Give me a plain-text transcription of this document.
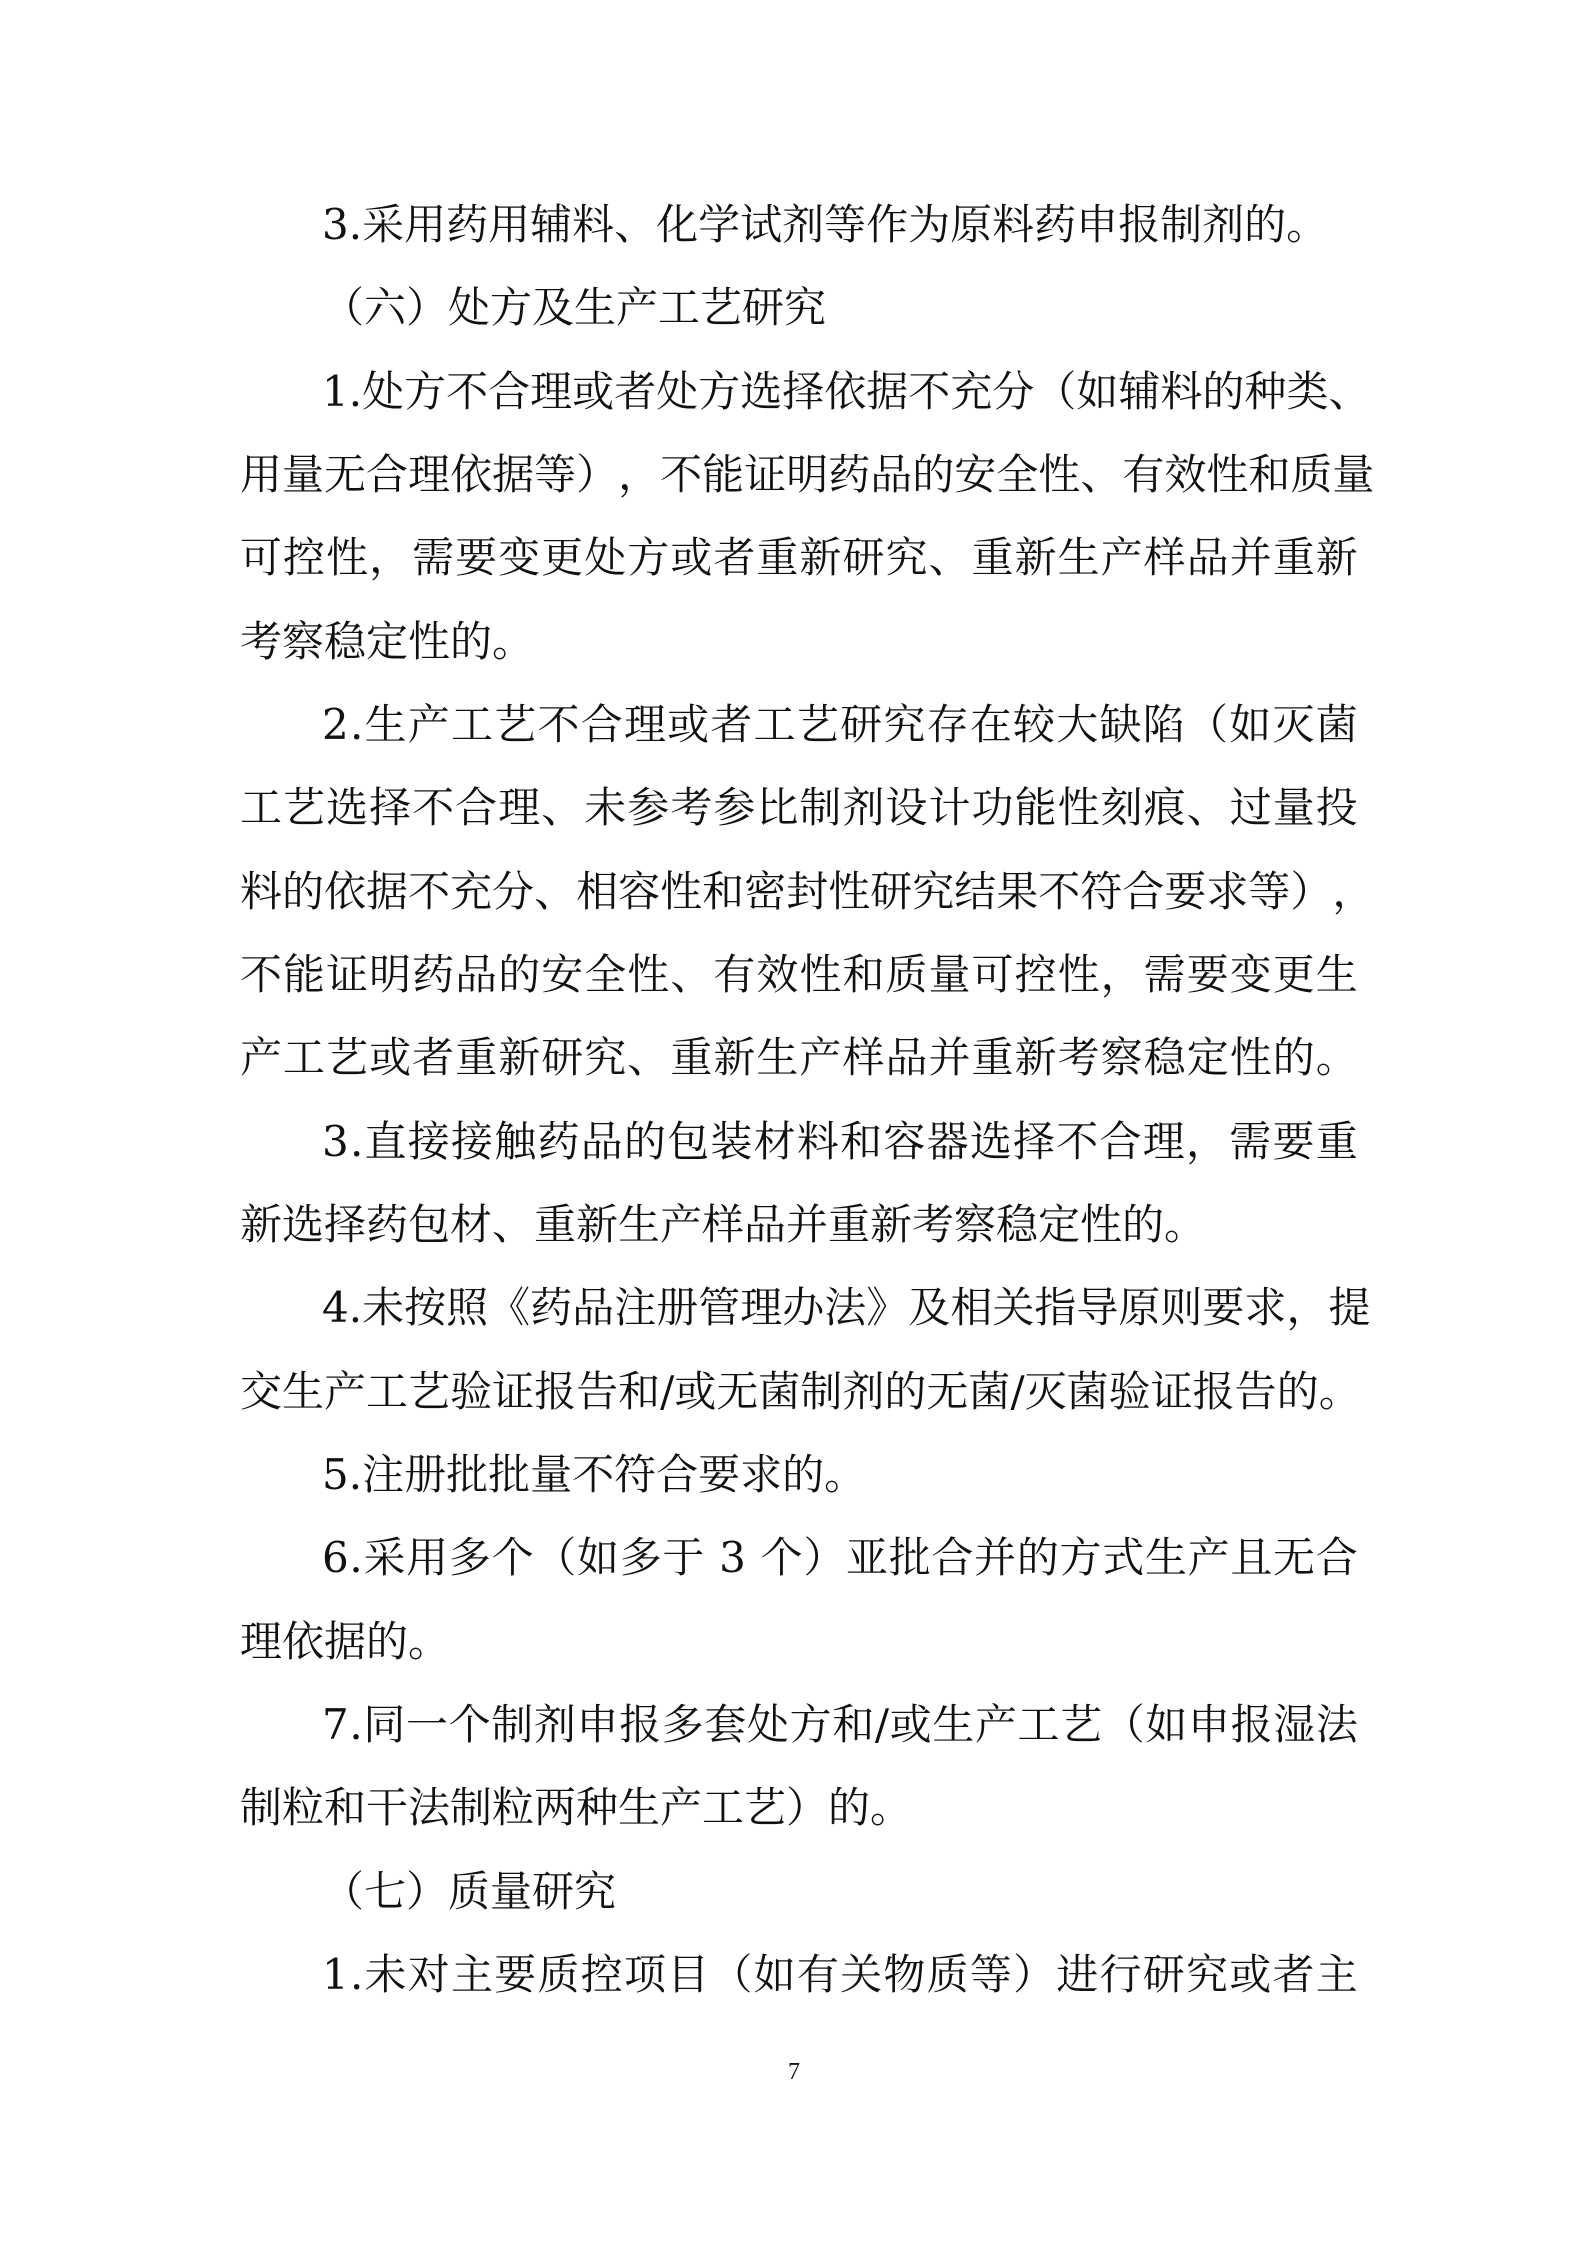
3.采用药用辅料、化学试剂等作为原料药申报制剂的。
（六）处方及生产工艺研究
1 . 处 方 不 合 理 或 者 处 方 选 择 依 据 不 充 分 （ 如 辅 料 的 种 类 、
用 量 无 合 理 依 据 等 ） ， 不 能 证 明 药 品 的 安 全 性 、 有 效 性 和 质 量
可 控 性 ， 需 要 变 更 处 方 或 者 重 新 研 究 、 重 新 生 产 样 品 并 重 新
考察稳定性的。
2 . 生 产 工 艺 不 合 理 或 者 工 艺 研 究 存 在 较 大 缺 陷 （ 如 灭 菌
工 艺 选 择 不 合 理 、 未 参 考 参 比 制 剂 设 计 功 能 性 刻 痕 、 过 量 投
料 的 依 据 不 充 分 、 相 容 性 和 密 封 性 研 究 结 果 不 符 合 要 求 等 ） ，
不 能 证 明 药 品 的 安 全 性 、 有 效 性 和 质 量 可 控 性 ， 需 要 变 更 生
产 工 艺 或 者 重 新 研 究 、 重 新 生 产 样 品 并 重 新 考 察 稳 定 性 的 。
3 . 直 接 接 触 药 品 的 包 装 材 料 和 容 器 选 择 不 合 理 ， 需 要 重
新选择药包材、重新生产样品并重新考察稳定性的。
4 . 未 按 照 《 药 品 注 册 管 理 办 法 》 及 相 关 指 导 原 则 要 求 ， 提
交 生 产 工 艺 验 证 报 告 和 / 或 无 菌 制 剂 的 无 菌 / 灭 菌 验 证 报 告 的 。
5.注册批批量不符合要求的。
6 . 采 用 多 个 （ 如 多 于
3
个 ） 亚 批 合 并 的 方 式 生 产 且 无 合
理依据的。
7 . 同 一 个 制 剂 申 报 多 套 处 方 和 / 或 生 产 工 艺 （ 如 申 报 湿 法
制粒和干法制粒两种生产工艺）的。
（七）质量研究
1 . 未 对 主 要 质 控 项 目 （ 如 有 关 物 质 等 ） 进 行 研 究 或 者 主
7
